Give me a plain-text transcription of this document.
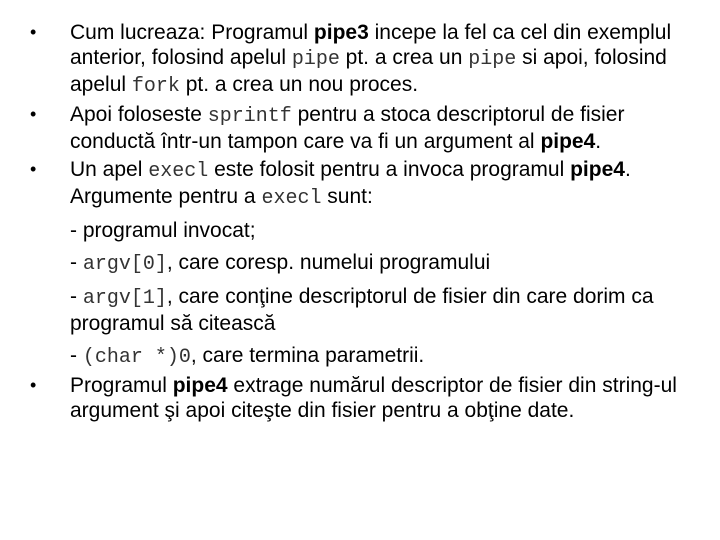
•	Cum lucreaza: Programul pipe3 incepe la fel ca cel din exemplul anterior, folosind apelul pipe pt. a crea un pipe si apoi, folosind apelul fork pt. a crea un nou proces.
•	Apoi foloseste sprintf pentru a stoca descriptorul de fisier conductă într-un tampon care va fi un argument al pipe4.
•	Un apel execl este folosit pentru a invoca programul pipe4. Argumente pentru a execl sunt:
- programul invocat;
- argv[0], care coresp. numelui programului
- argv[1], care conţine descriptorul de fisier din care dorim ca programul să citească
- (char *)0, care termina parametrii.
•	Programul pipe4 extrage numărul descriptor de fisier din string-ul argument şi apoi citeşte din fisier pentru a obţine date.
